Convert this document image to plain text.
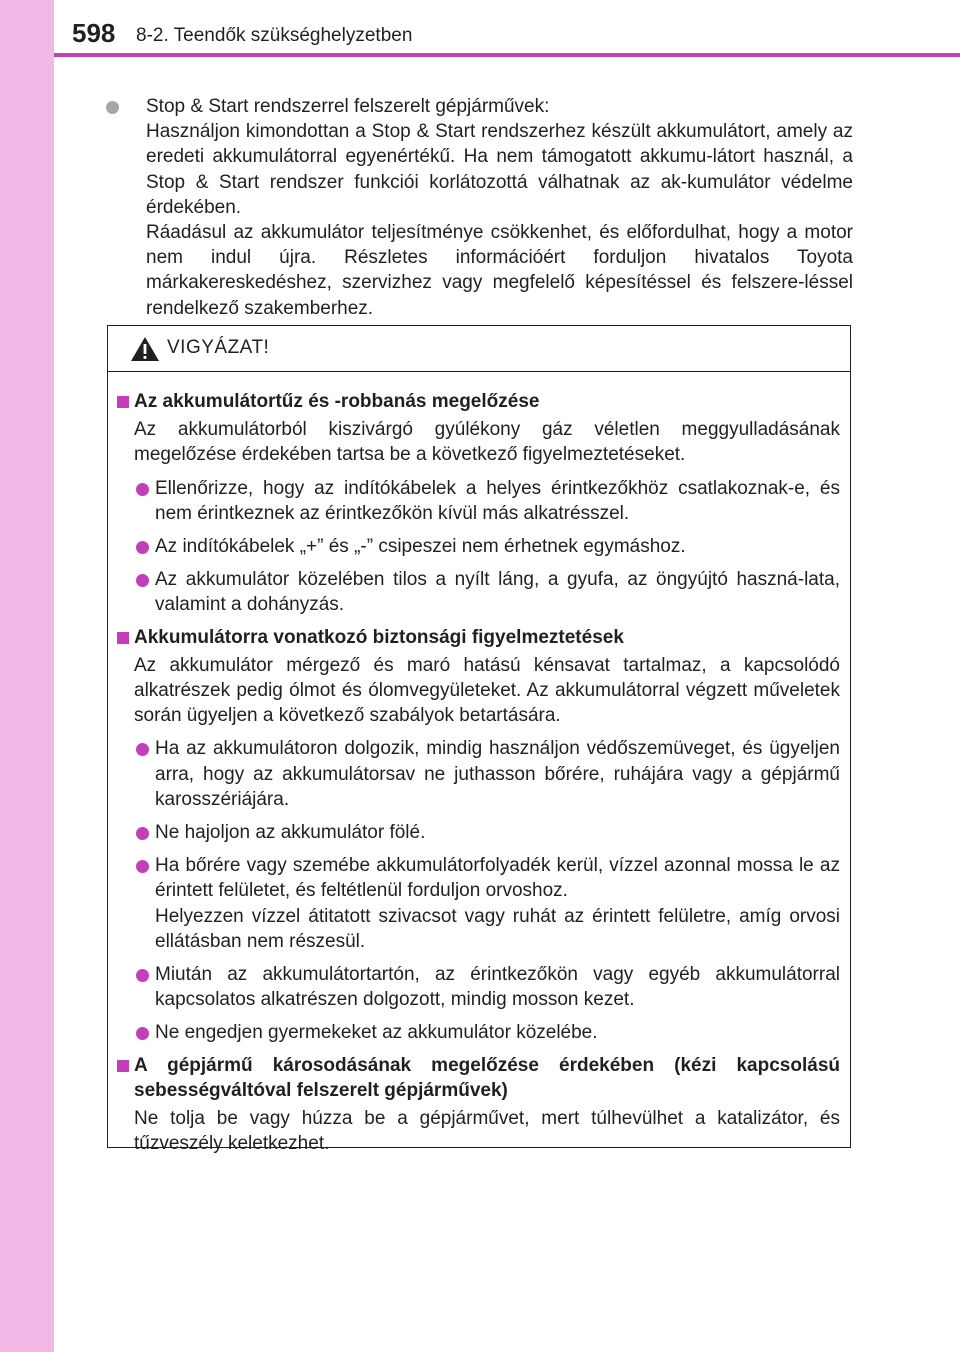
598 8-2. Teendők szükséghelyzetben

Stop & Start rendszerrel felszerelt gépjárművek:

Használjon kimondottan a Stop & Start rendszerhez készült akkumulátort, amely az eredeti akkumulátorral egyenértékű. Ha nem támogatott akkumu-látort használ, a Stop & Start rendszer funkciói korlátozottá válhatnak az ak-kumulátor védelme érdekében.

Ráadásul az akkumulátor teljesítménye csökkenhet, és előfordulhat, hogy a motor nem indul újra. Részletes információért forduljon hivatalos Toyota márkakereskedéshez, szervizhez vagy megfelelő képesítéssel és felszere-léssel rendelkező szakemberhez.

VIGYÁZAT!
Az akkumulátortűz és -robbanás megelőzése
Az akkumulátorból kiszivárgó gyúlékony gáz véletlen meggyulladásának megelőzése érdekében tartsa be a következő figyelmeztetéseket.

Ellenőrizze, hogy az indítókábelek a helyes érintkezőkhöz csatlakoznak-e, és nem érintkeznek az érintkezőkön kívül más alkatrésszel.

Az indítókábelek „+” és „-” csipeszei nem érhetnek egymáshoz.

Az akkumulátor közelében tilos a nyílt láng, a gyufa, az öngyújtó haszná-lata, valamint a dohányzás.

Akkumulátorra vonatkozó biztonsági figyelmeztetések
Az akkumulátor mérgező és maró hatású kénsavat tartalmaz, a kapcsolódó alkatrészek pedig ólmot és ólomvegyületeket. Az akkumulátorral végzett műveletek során ügyeljen a következő szabályok betartására.

Ha az akkumulátoron dolgozik, mindig használjon védőszemüveget, és ügyeljen arra, hogy az akkumulátorsav ne juthasson bőrére, ruhájára vagy a gépjármű karosszériájára.

Ne hajoljon az akkumulátor fölé.

Ha bőrére vagy szemébe akkumulátorfolyadék kerül, vízzel azonnal mossa le az érintett felületet, és feltétlenül forduljon orvoshoz.

Helyezzen vízzel átitatott szivacsot vagy ruhát az érintett felületre, amíg orvosi ellátásban nem részesül.

Miután az akkumulátortartón, az érintkezőkön vagy egyéb akkumulátorral kapcsolatos alkatrészen dolgozott, mindig mosson kezet.

Ne engedjen gyermekeket az akkumulátor közelébe.

A gépjármű károsodásának megelőzése érdekében (kézi kapcsolású sebességváltóval felszerelt gépjárművek)
Ne tolja be vagy húzza be a gépjárművet, mert túlhevülhet a katalizátor, és tűzveszély keletkezhet.
